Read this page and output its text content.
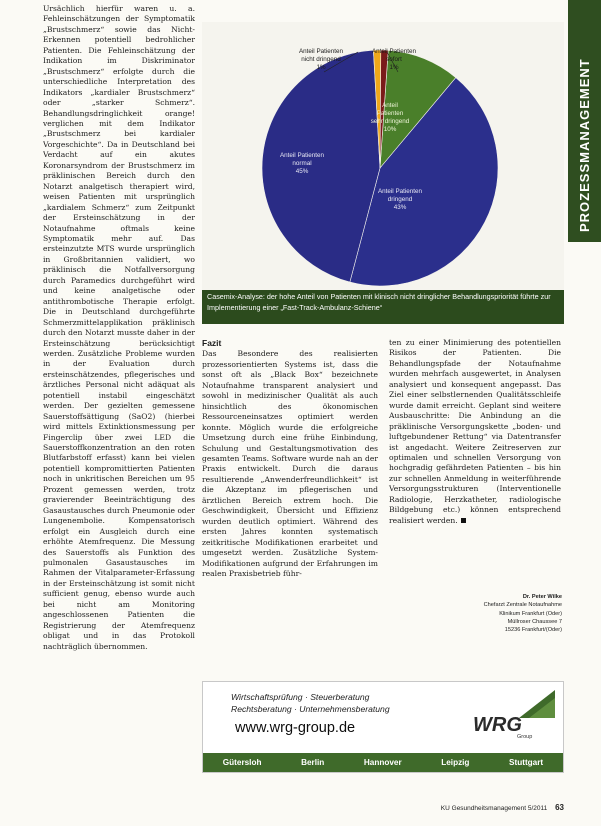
PROZESSMANAGEMENT

Ursächlich hierfür waren u. a. Fehleinschätzungen der Symptomatik „Brustschmerz“ sowie das Nicht-Erkennen potentiell bedrohlicher Patienten. Die Fehleinschätzung der Indikation im Diskriminator „Brustschmerz“ erfolgte durch die unterschiedliche Interpretation des Indikators „kardialer Brustschmerz“ oder „starker Schmerz“. Behandlungsdringlichkeit orange! verglichen mit dem Indikator „Brustschmerz bei kardialer Vorgeschichte“. Da in Deutschland bei Verdacht auf ein akutes Koronarsyndrom der Brustschmerz im präklinischen Bereich durch den Notarzt analgetisch therapiert wird, weisen Patienten mit ursprünglich „kardialem Schmerz“ zum Zeitpunkt der Ersteinschätzung in der Notaufnahme oftmals keine Symptomatik mehr auf. Das ersteinzutzte MTS wurde ursprünglich in Großbritannien validiert, wo präklinisch die Notfallversorgung durch Paramedics durchgeführt wird und keine analgetische oder antithrombotische Therapie erfolgt. Die in Deutschland durchgeführte Schmerzmittelapplikation präklinisch durch den Notarzt musste daher in der Ersteinschätzung berücksichtigt werden. Zusätzliche Probleme wurden in der Evaluation durch ersteinschätzendes, pflegerisches und ärztliches Personal nicht adäquat als potentiell instabil eingeschätzt werden. Der gezielten gemessene Sauerstoffsättigung (SaO2) (hierbei wird mittels Extinktionsmessung per Fingerclip über zwei LED die Sauerstoffkonzentration an den roten Blutfarbstoff erfasst) kann bei vielen potentiell kompromittierten Patienten noch in unkritischen Bereichen um 95 Prozent gemessen werden, trotz gravierender Beeinträchtigung des Gasaustausches durch Pneumonie oder Lungenembolie. Kompensatorisch erfolgt ein Ausgleich durch eine erhöhte Atemfrequenz. Die Messung des Sauerstoffs als Funktion des pulmonalen Gasaustausches im Rahmen der Vitalparameter-Erfassung in der Ersteinschätzung ist somit nicht sufficient genug, ebenso wurde auch bei nicht am Monitoring angeschlossenen Patienten die Registrierung der Atemfrequenz obligat und in das Protokoll nachträglich übernommen.

Anteil Patienten
nicht dringend
1%
Anteil Patienten
sofort
1%
Anteil
Patienten
sehr dringend
10%
Anteil Patienten
dringend
43%
Anteil Patienten
normal
45%
Casemix-Analyse: der hohe Anteil von Patienten mit klinisch nicht dringlicher Behandlungspriorität führte zur Implementierung einer „Fast-Track-Ambulanz-Schiene“
Fazit

Das Besondere des realisierten prozessorientierten Systems ist, dass die sonst oft als „Black Box“ bezeichnete Notaufnahme transparent analysiert und sowohl in medizinischer Qualität als auch hinsichtlich des ökonomischen Ressourceneinsatzes optimiert werden konnte. Möglich wurde die erfolgreiche Umsetzung durch eine frühe Einbindung, Schulung und Gestaltungsmotivation des gesamten Teams. Software wurde nah an der Praxis entwickelt. Durch die daraus resultierende „Anwenderfreundlichkeit“ ist die Akzeptanz im pflegerischen und ärztlichen Bereich extrem hoch. Die Geschwindigkeit, Übersicht und Effizienz wurden deutlich optimiert. Während des ersten Jahres konnten systematisch zeitkritische Modifikationen erarbeitet und umgesetzt werden. Zusätzliche System-Modifikationen aufgrund der Erfahrungen im realen Praxisbetrieb führ-

ten zu einer Minimierung des potentiellen Risikos der Patienten. Die Behandlungspfade der Notaufnahme wurden mehrfach ausgewertet, in Analysen analysiert und konsequent angepasst. Das Ziel einer selbstlernenden Qualitätsschleife wurde damit erreicht. Geplant sind weitere Ausbauschritte: Die Anbindung an die präklinische Versorgungskette „boden- und luftgebundener Rettung“ via Datentransfer ist angedacht. Weitere Zeitreserven zur optimalen und schnellen Versorgung von hochgradig gefährdeten Patienten – bis hin zur schnellen Anmeldung in weiterführende Versorgungsstrukturen (Interventionelle Radiologie, Herzkatheter, radiologische Bildgebung etc.) können entsprechend realisiert werden.

Dr. Peter Wilke
Chefarzt Zentrale Notaufnahme
Klinikum Frankfurt (Oder)
Müllroser Chaussee 7
15236 Frankfurt/(Oder)
Wirtschaftsprüfung · Steuerberatung
Rechtsberatung · Unternehmensberatung
www.wrg-group.de	WRG
Group
Gütersloh	Berlin	Hannover	Leipzig	Stuttgart
KU Gesundheitsmanagement 5/2011 63
